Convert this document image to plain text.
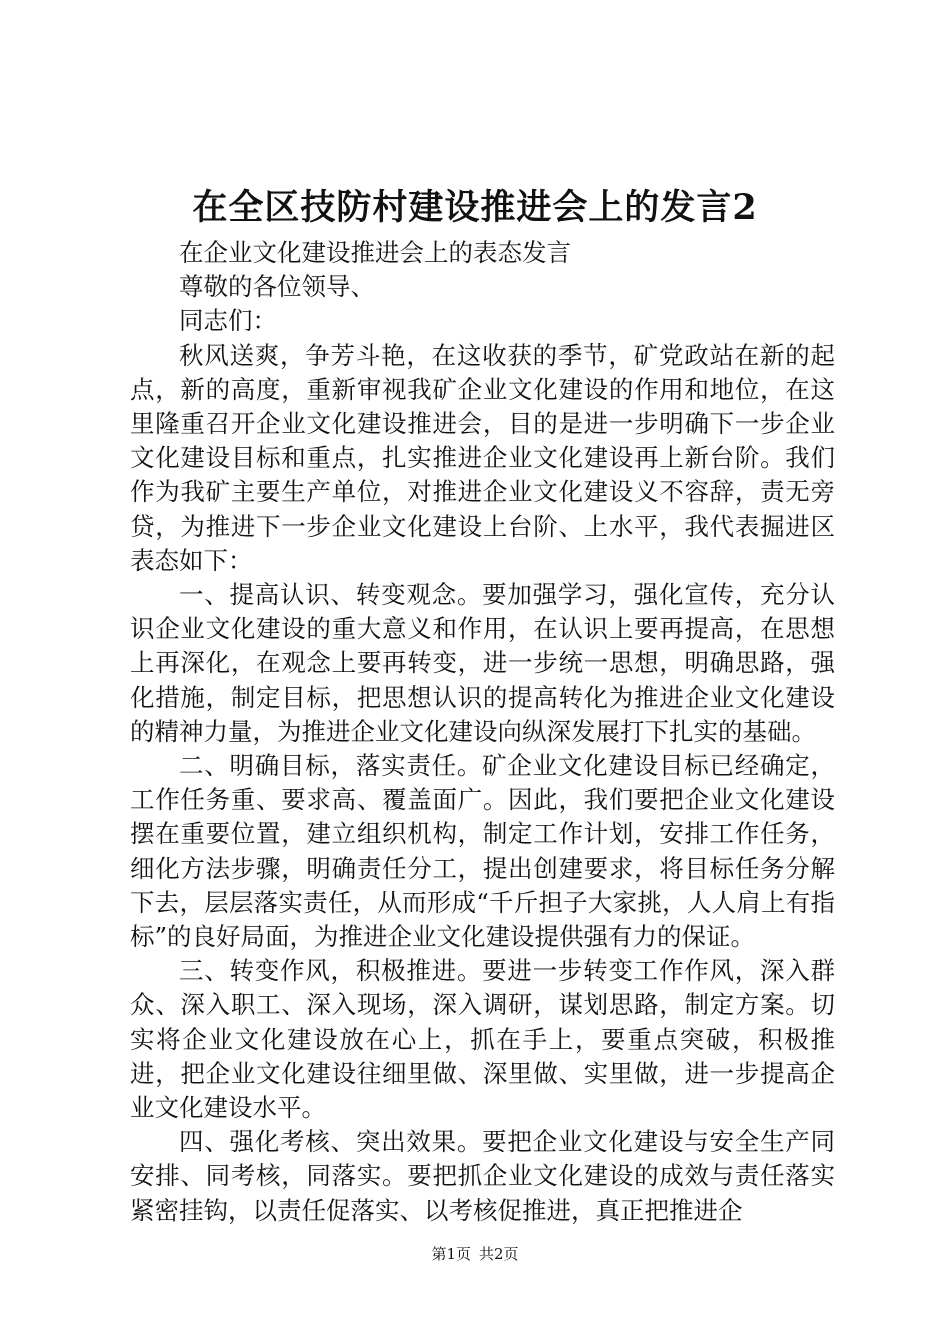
在全区技防村建设推进会上的发言2

在企业文化建设推进会上的表态发言

尊敬的各位领导、

同志们：

秋风送爽，争芳斗艳，在这收获的季节，矿党政站在新的起点，新的高度，重新审视我矿企业文化建设的作用和地位，在这里隆重召开企业文化建设推进会，目的是进一步明确下一步企业文化建设目标和重点，扎实推进企业文化建设再上新台阶。我们作为我矿主要生产单位，对推进企业文化建设义不容辞，责无旁贷，为推进下一步企业文化建设上台阶、上水平，我代表掘进区表态如下：

一、提高认识、转变观念。要加强学习，强化宣传，充分认识企业文化建设的重大意义和作用，在认识上要再提高，在思想上再深化，在观念上要再转变，进一步统一思想，明确思路，强化措施，制定目标，把思想认识的提高转化为推进企业文化建设的精神力量，为推进企业文化建设向纵深发展打下扎实的基础。

二、明确目标，落实责任。矿企业文化建设目标已经确定，工作任务重、要求高、覆盖面广。因此，我们要把企业文化建设摆在重要位置，建立组织机构，制定工作计划，安排工作任务，细化方法步骤，明确责任分工，提出创建要求，将目标任务分解下去，层层落实责任，从而形成“千斤担子大家挑，人人肩上有指标”的良好局面，为推进企业文化建设提供强有力的保证。

三、转变作风，积极推进。要进一步转变工作作风，深入群众、深入职工、深入现场，深入调研，谋划思路，制定方案。切实将企业文化建设放在心上，抓在手上，要重点突破，积极推进，把企业文化建设往细里做、深里做、实里做，进一步提高企业文化建设水平。

四、强化考核、突出效果。要把企业文化建设与安全生产同安排、同考核，同落实。要把抓企业文化建设的成效与责任落实紧密挂钩，以责任促落实、以考核促推进，真正把推进企

第1页 共2页
